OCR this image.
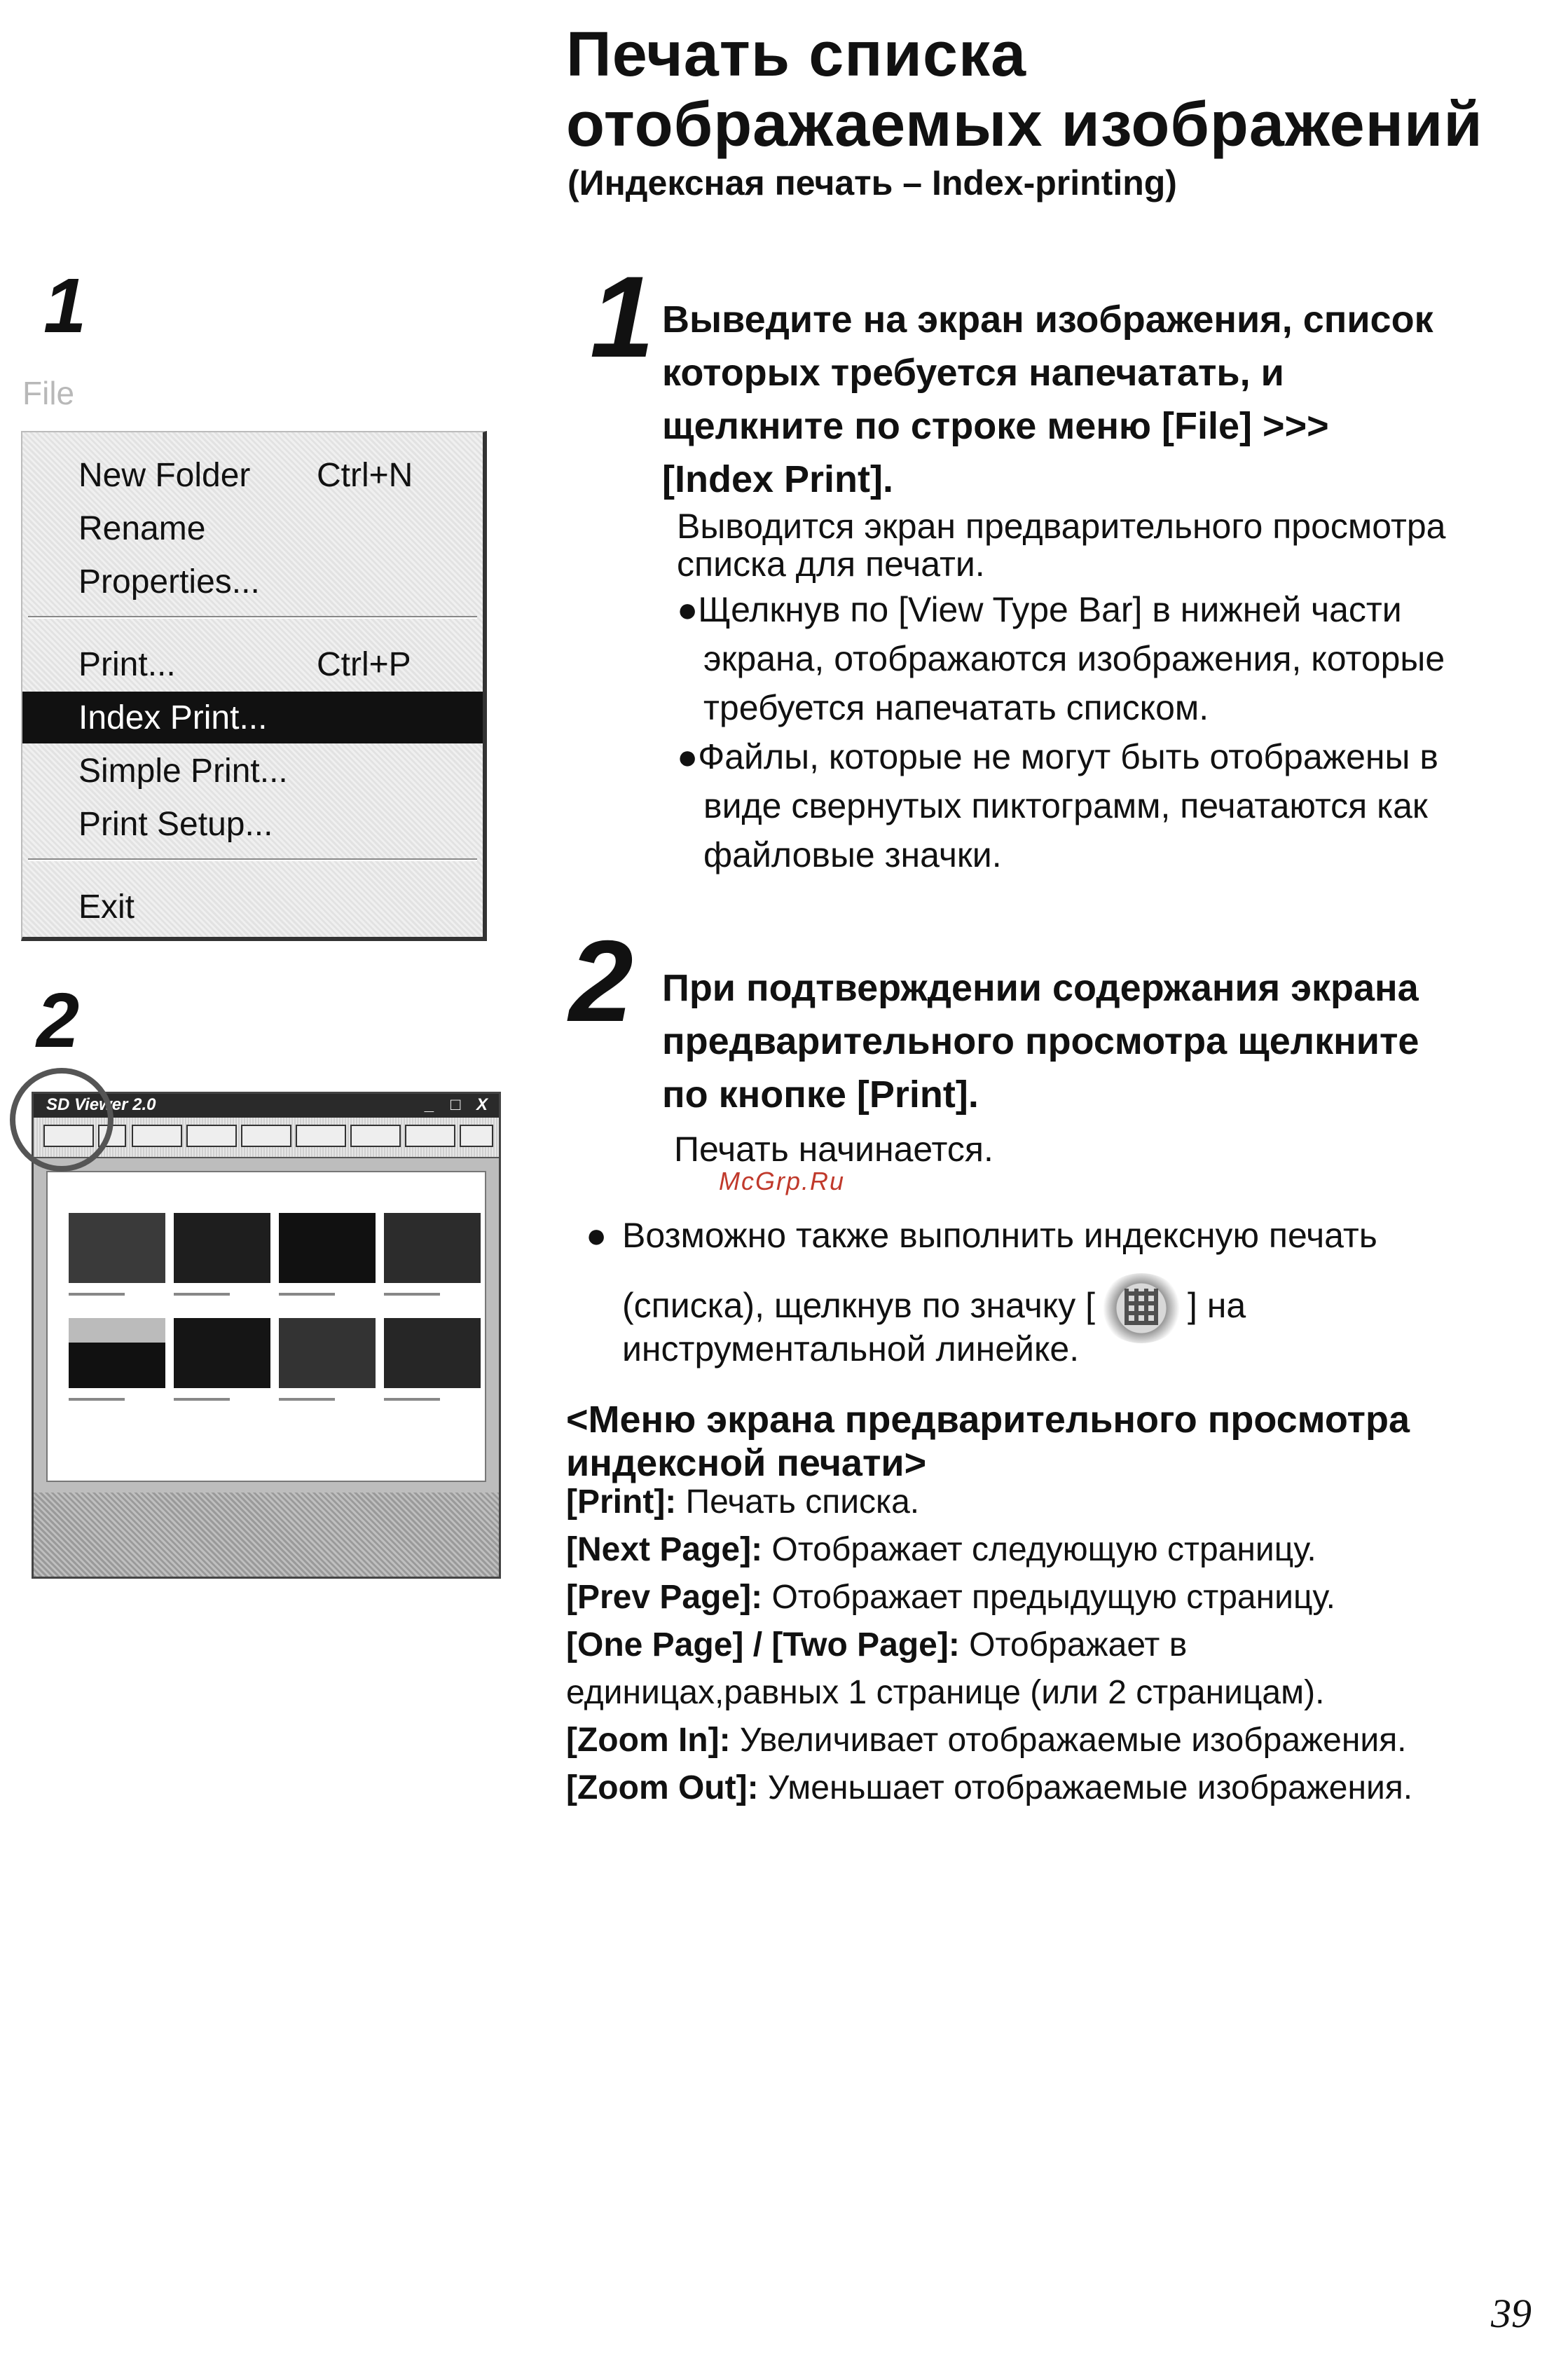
Печать списка
отображаемых изображений
(Индексная печать – Index-printing)
1
File
New Folder Ctrl+N
Rename
Properties...
Print...	Ctrl+P
Index Print...
Simple Print...
Print Setup...
Exit
2
SD Viewer 2.0	_ □ X
1 Выведите на экран изображения, список
которых требуется напечатать, и
щелкните по строке меню [File] >>>
[Index Print].
Выводится экран предварительного просмотра
списка для печати.
●Щелкнув по [View Type Bar] в нижней части
экрана, отображаются изображения, которые
требуется напечатать списком.
●Файлы, которые не могут быть отображены в
виде свернутых пиктограмм, печатаются как
файловые значки.
2 При подтверждении содержания экрана
предварительного просмотра щелкните
по кнопке [Print].
Печать начинается.
McGrp.Ru
● Возможно также выполнить индексную печать
(списка), щелкнув по значку [	] на
инструментальной линейке.
<Меню экрана предварительного просмотра
индексной печати>
[Print]: Печать списка.
[Next Page]: Отображает следующую страницу.
[Prev Page]: Отображает предыдущую страницу.
[One Page] / [Two Page]: Отображает в
единицах,равных 1 странице (или 2 страницам).
[Zoom In]: Увеличивает отображаемые изображения.
[Zoom Out]: Уменьшает отображаемые изображения.
39
